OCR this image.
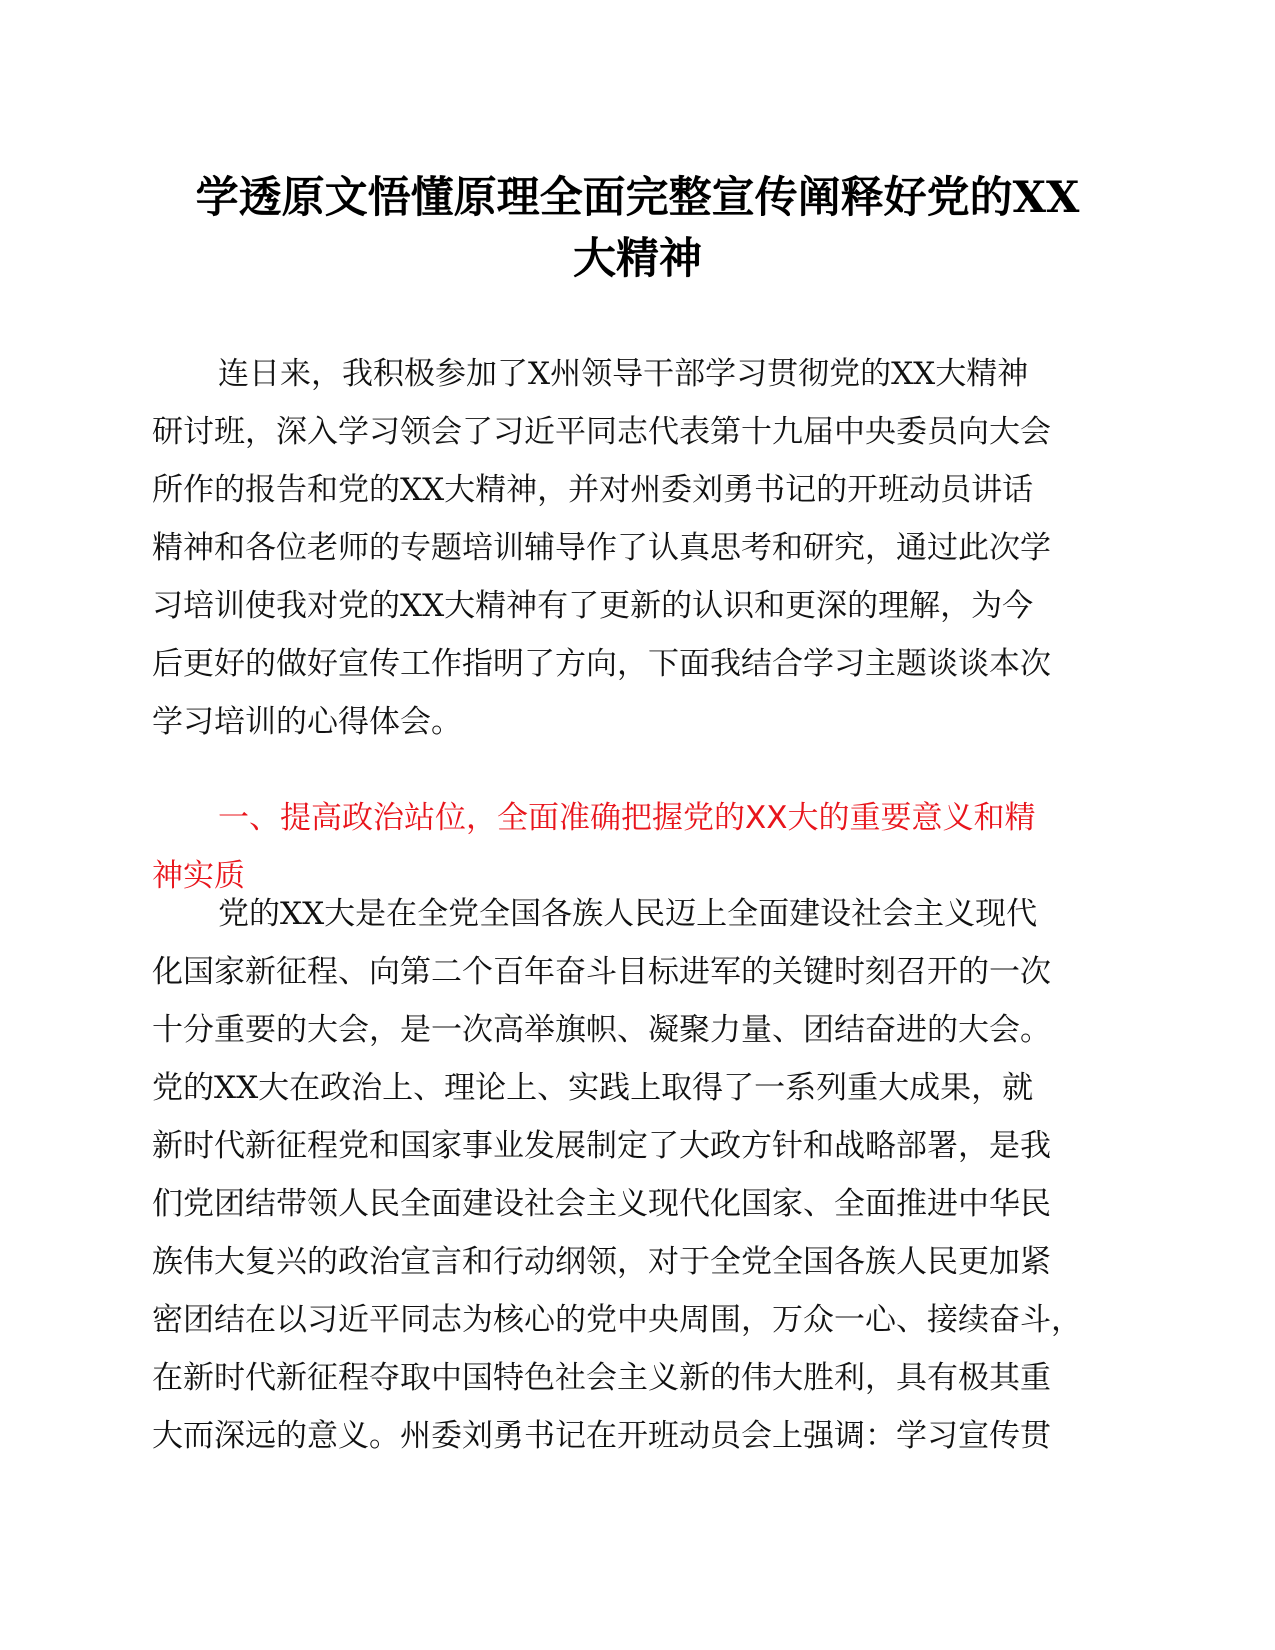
学透原文悟懂原理全面完整宣传阐释好党的XX
大精神
连日来，我积极参加了X州领导干部学习贯彻党的XX大精神
研讨班，深入学习领会了习近平同志代表第十九届中央委员向大会
所作的报告和党的XX大精神，并对州委刘勇书记的开班动员讲话
精神和各位老师的专题培训辅导作了认真思考和研究，通过此次学
习培训使我对党的XX大精神有了更新的认识和更深的理解，为今
后更好的做好宣传工作指明了方向，下面我结合学习主题谈谈本次
学习培训的心得体会。
一、提高政治站位，全面准确把握党的XX大的重要意义和精
神实质
党的XX大是在全党全国各族人民迈上全面建设社会主义现代
化国家新征程、向第二个百年奋斗目标进军的关键时刻召开的一次
十分重要的大会，是一次高举旗帜、凝聚力量、团结奋进的大会。
党的XX大在政治上、理论上、实践上取得了一系列重大成果，就
新时代新征程党和国家事业发展制定了大政方针和战略部署，是我
们党团结带领人民全面建设社会主义现代化国家、全面推进中华民
族伟大复兴的政治宣言和行动纲领，对于全党全国各族人民更加紧
密团结在以习近平同志为核心的党中央周围，万众一心、接续奋斗，
在新时代新征程夺取中国特色社会主义新的伟大胜利，具有极其重
大而深远的意义。州委刘勇书记在开班动员会上强调：学习宣传贯
